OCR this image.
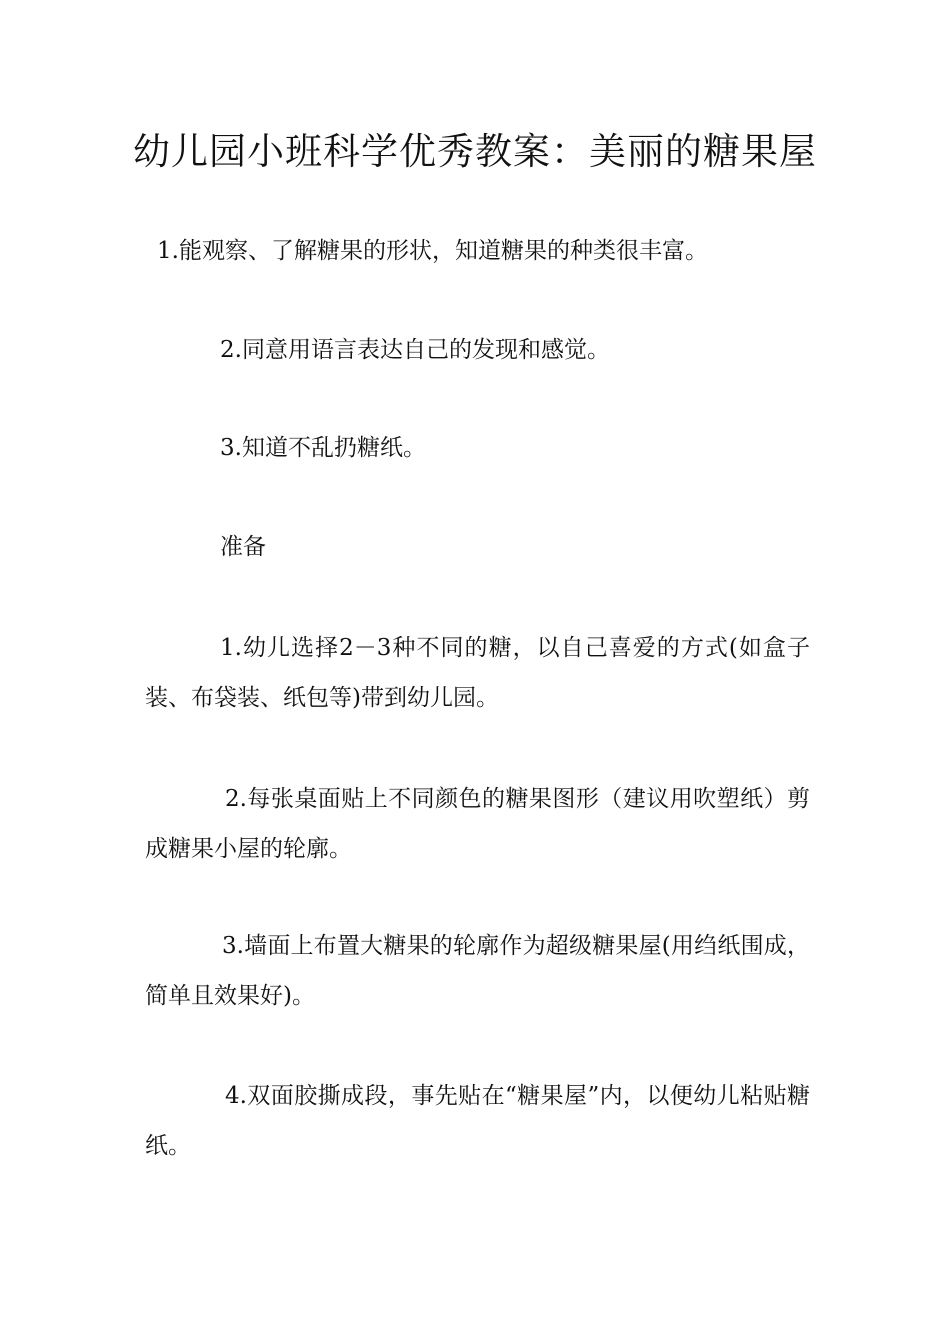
幼儿园小班科学优秀教案：美丽的糖果屋

1.能观察、了解糖果的形状，知道糖果的种类很丰富。

2.同意用语言表达自己的发现和感觉。

3.知道不乱扔糖纸。

准备

1.幼儿选择2－3种不同的糖，以自己喜爱的方式(如盒子装、布袋装、纸包等)带到幼儿园。

2.每张桌面贴上不同颜色的糖果图形（建议用吹塑纸）剪成糖果小屋的轮廓。

3.墙面上布置大糖果的轮廓作为超级糖果屋(用绉纸围成，简单且效果好)。

4.双面胶撕成段，事先贴在“糖果屋”内，以便幼儿粘贴糖纸。
